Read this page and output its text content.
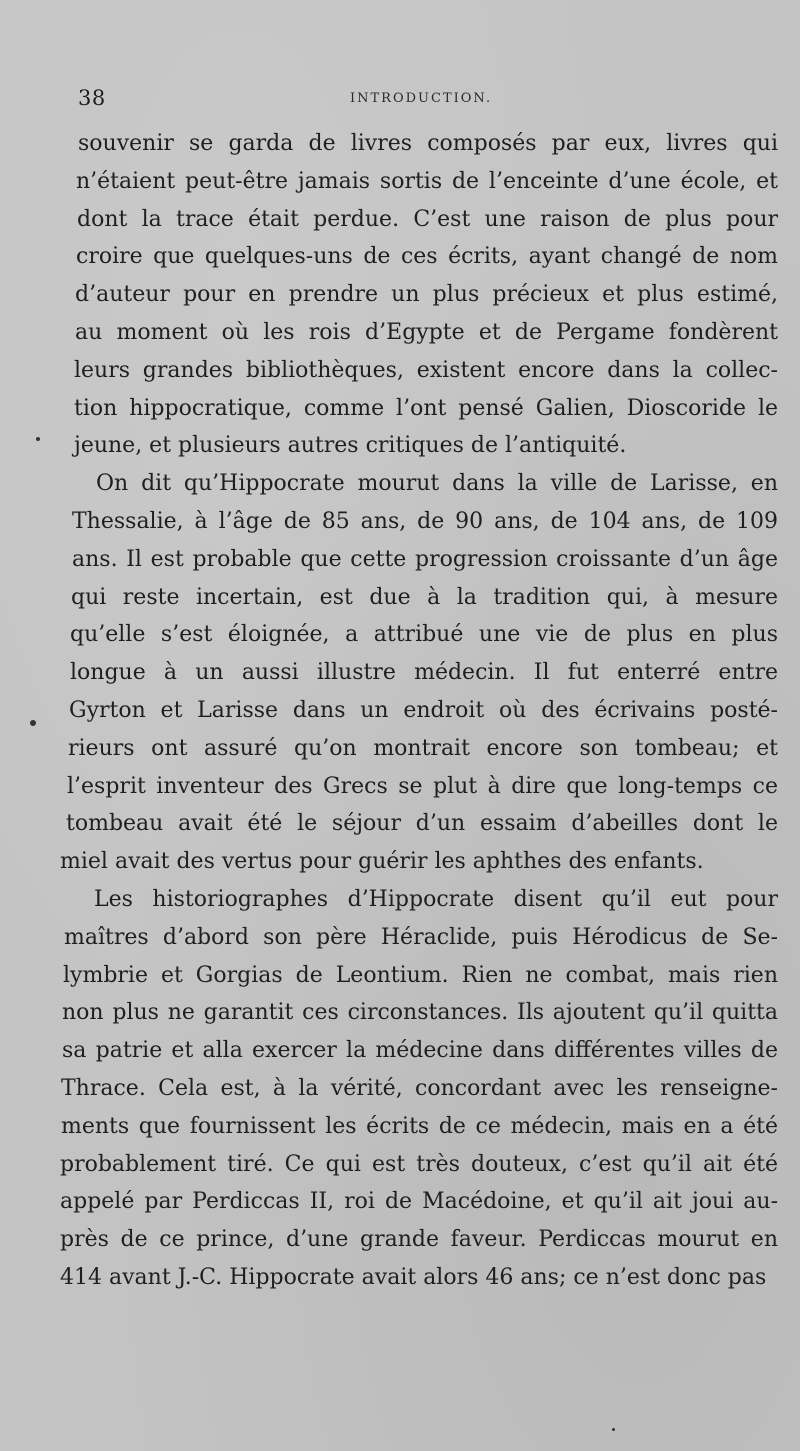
38	INTRODUCTION.
souvenir se garda de livres composés par eux, livres qui
n’étaient peut-être jamais sortis de l’enceinte d’une école, et
dont la trace était perdue. C’est une raison de plus pour
croire que quelques-uns de ces écrits, ayant changé de nom
d’auteur pour en prendre un plus précieux et plus estimé,
au moment où les rois d’Egypte et de Pergame fondèrent
leurs grandes bibliothèques, existent encore dans la collec-
tion hippocratique, comme l’ont pensé Galien, Dioscoride le
jeune, et plusieurs autres critiques de l’antiquité.
On dit qu’Hippocrate mourut dans la ville de Larisse, en
Thessalie, à l’âge de 85 ans, de 90 ans, de 104 ans, de 109
ans. Il est probable que cette progression croissante d’un âge
qui reste incertain, est due à la tradition qui, à mesure
qu’elle s’est éloignée, a attribué une vie de plus en plus
longue à un aussi illustre médecin. Il fut enterré entre
Gyrton et Larisse dans un endroit où des écrivains posté-
rieurs ont assuré qu’on montrait encore son tombeau; et
l’esprit inventeur des Grecs se plut à dire que long-temps ce
tombeau avait été le séjour d’un essaim d’abeilles dont le
miel avait des vertus pour guérir les aphthes des enfants.
Les historiographes d’Hippocrate disent qu’il eut pour
maîtres d’abord son père Héraclide, puis Hérodicus de Se-
lymbrie et Gorgias de Leontium. Rien ne combat, mais rien
non plus ne garantit ces circonstances. Ils ajoutent qu’il quitta
sa patrie et alla exercer la médecine dans différentes villes de
Thrace. Cela est, à la vérité, concordant avec les renseigne-
ments que fournissent les écrits de ce médecin, mais en a été
probablement tiré. Ce qui est très douteux, c’est qu’il ait été
appelé par Perdiccas II, roi de Macédoine, et qu’il ait joui au-
près de ce prince, d’une grande faveur. Perdiccas mourut en
414 avant J.-C. Hippocrate avait alors 46 ans; ce n’est donc pas
